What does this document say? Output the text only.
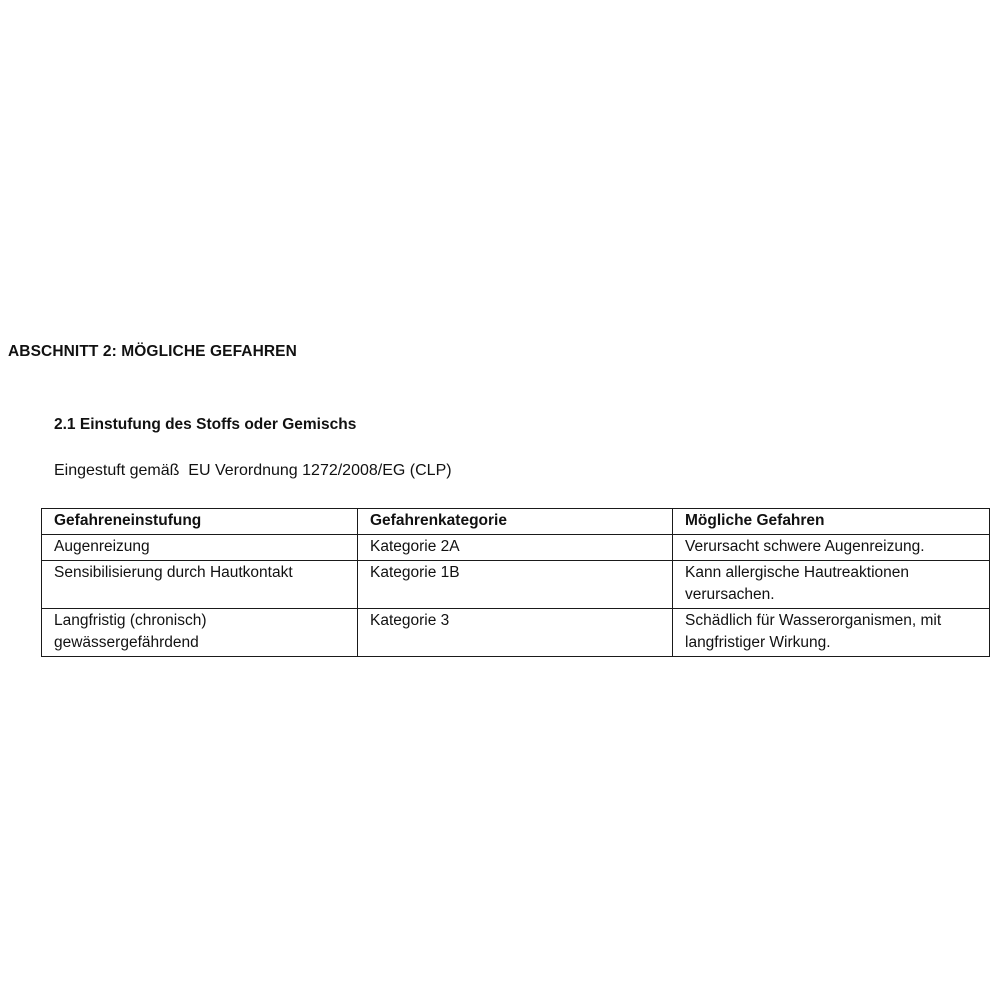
ABSCHNITT 2: MÖGLICHE GEFAHREN
2.1 Einstufung des Stoffs oder Gemischs
Eingestuft gemäß  EU Verordnung 1272/2008/EG (CLP)
Gefahreneinstufung	Gefahrenkategorie	Mögliche Gefahren
Augenreizung	Kategorie 2A	Verursacht schwere Augenreizung.
Sensibilisierung durch Hautkontakt	Kategorie 1B	Kann allergische Hautreaktionen verursachen.
Langfristig (chronisch) gewässergefährdend	Kategorie 3	Schädlich für Wasserorganismen, mit langfristiger Wirkung.
